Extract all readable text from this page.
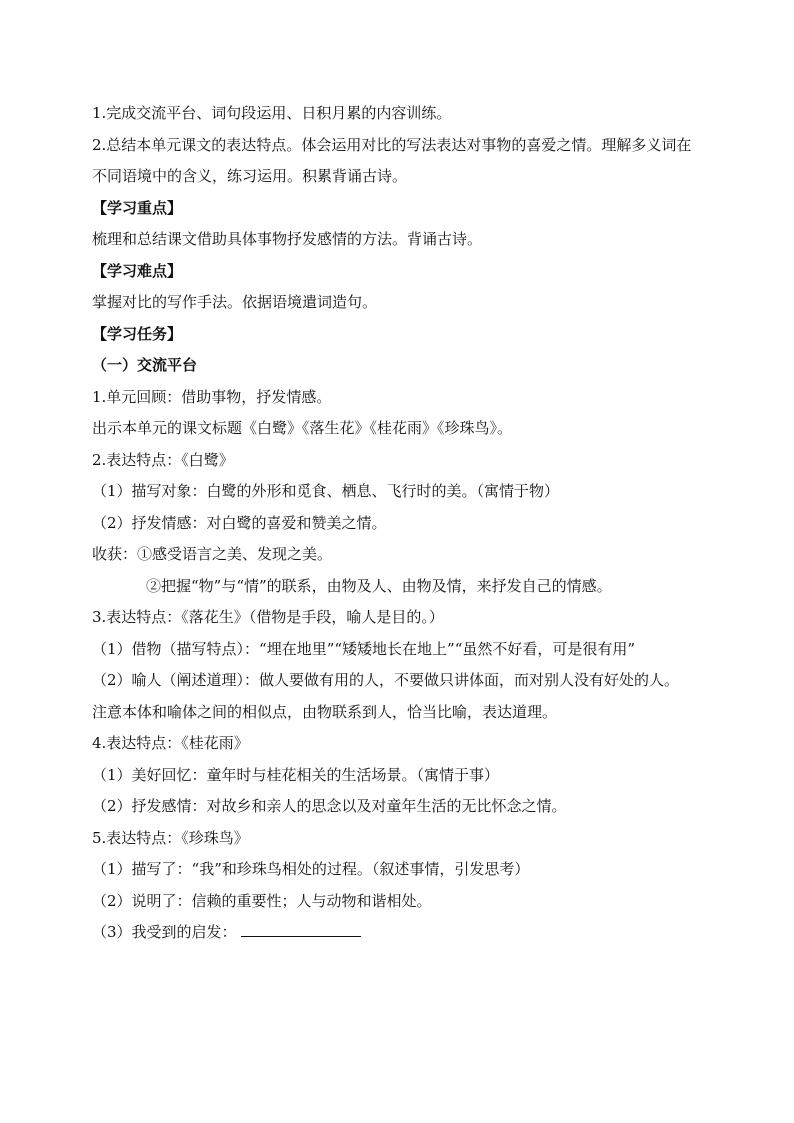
1.完成交流平台、词句段运用、日积月累的内容训练。

2.总结本单元课文的表达特点。体会运用对比的写法表达对事物的喜爱之情。理解多义词在不同语境中的含义，练习运用。积累背诵古诗。

【学习重点】

梳理和总结课文借助具体事物抒发感情的方法。背诵古诗。

【学习难点】

掌握对比的写作手法。依据语境遣词造句。

【学习任务】

（一）交流平台

1.单元回顾：借助事物，抒发情感。

出示本单元的课文标题《白鹭》《落生花》《桂花雨》《珍珠鸟》。

2.表达特点：《白鹭》

（1）描写对象：白鹭的外形和觅食、栖息、飞行时的美。（寓情于物）

（2）抒发情感：对白鹭的喜爱和赞美之情。

收获：①感受语言之美、发现之美。

②把握“物”与“情”的联系，由物及人、由物及情，来抒发自己的情感。

3.表达特点：《落花生》（借物是手段，喻人是目的。）

（1）借物（描写特点）：“埋在地里”“矮矮地长在地上”“虽然不好看，可是很有用”

（2）喻人（阐述道理）：做人要做有用的人，不要做只讲体面，而对别人没有好处的人。

注意本体和喻体之间的相似点，由物联系到人，恰当比喻，表达道理。

4.表达特点：《桂花雨》

（1）美好回忆：童年时与桂花相关的生活场景。（寓情于事）

（2）抒发感情：对故乡和亲人的思念以及对童年生活的无比怀念之情。

5.表达特点：《珍珠鸟》

（1）描写了：“我”和珍珠鸟相处的过程。（叙述事情，引发思考）

（2）说明了：信赖的重要性；人与动物和谐相处。

（3）我受到的启发：
